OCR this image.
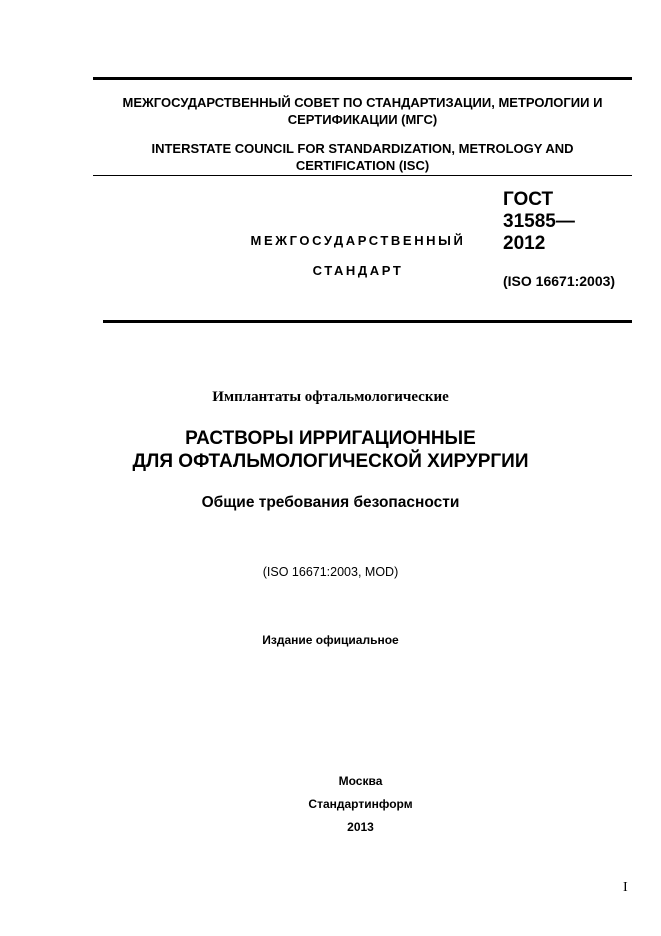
МЕЖГОСУДАРСТВЕННЫЙ СОВЕТ ПО СТАНДАРТИЗАЦИИ, МЕТРОЛОГИИ И
СЕРТИФИКАЦИИ (МГС)
INTERSTATE COUNCIL FOR STANDARDIZATION, METROLOGY AND
CERTIFICATION (ISC)
МЕЖГОСУДАРСТВЕННЫЙ
СТАНДАРТ
ГОСТ
31585—
2012
(ISO 16671:2003)
Имплантаты офтальмологические
РАСТВОРЫ ИРРИГАЦИОННЫЕ
ДЛЯ ОФТАЛЬМОЛОГИЧЕСКОЙ ХИРУРГИИ
Общие требования безопасности
(ISO 16671:2003, MOD)
Издание официальное
Москва
Стандартинформ
2013
I
